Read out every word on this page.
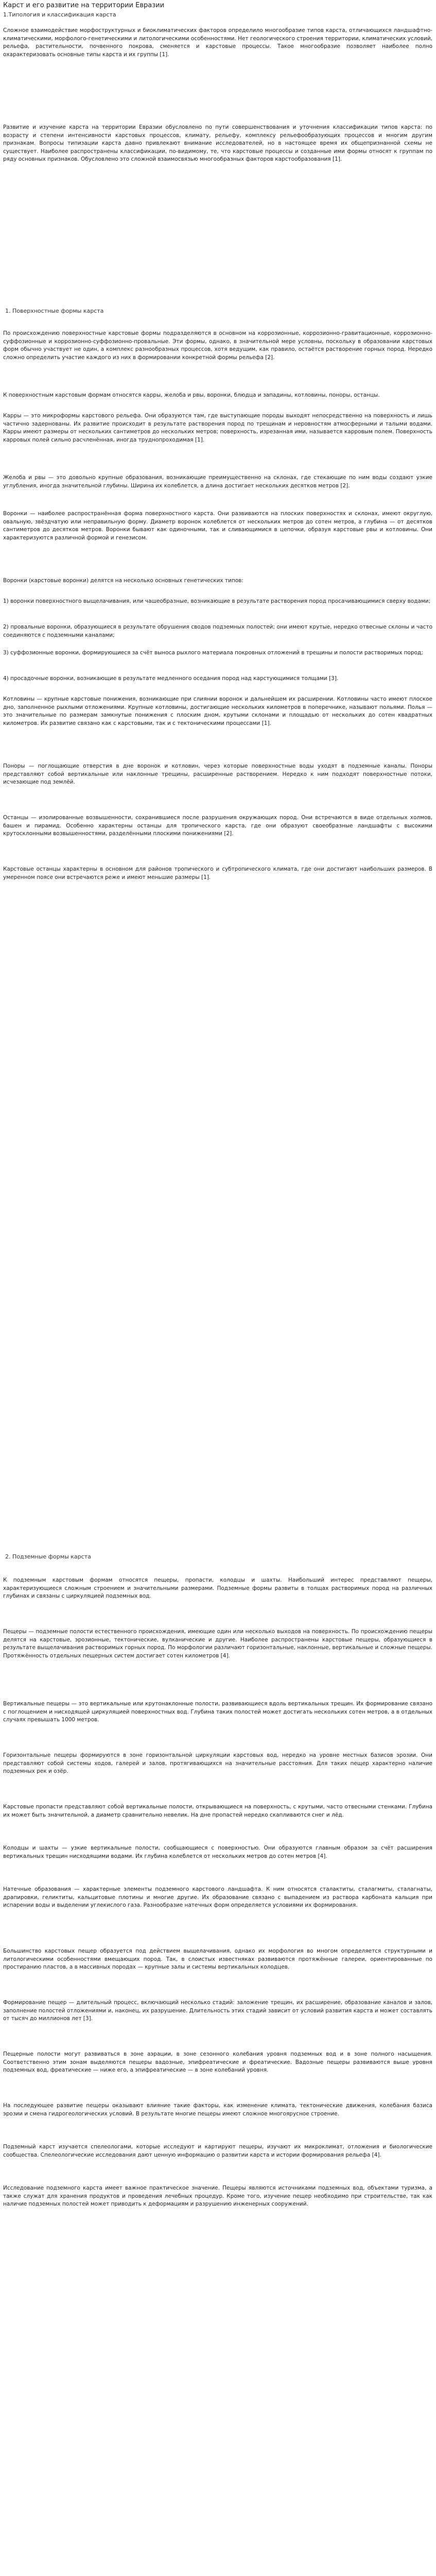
Карст и его развитие на территории Евразии
1.Типология и классификация карста
1. Поверхностные формы карста
2. Подземные формы карста

Сложное взаимодействие морфоструктурных и биоклиматических факторов определило многообразие типов карста, отличающихся ландшафтно-климатическими, морфолого-генетическими и литологическими особенностями. Нет геологического строения территории, климатических условий, рельефа, растительности, почвенного покрова, сменяется и карстовые процессы. Такое многообразие позволяет наиболее полно охарактеризовать основные типы карста и их группы [1].

Развитие и изучение карста на территории Евразии обусловлено по пути совершенствования и уточнения классификации типов карста: по возрасту и степени интенсивности карстовых процессов, климату, рельефу, комплексу рельефообразующих процессов и многим другим признакам. Вопросы типизации карста давно привлекают внимание исследователей, но в настоящее время их общепризнанной схемы не существует. Наиболее распространены классификации, по-видимому, те, что карстовые процессы и созданные ими формы относят к группам по ряду основных признаков. Обусловлено это сложной взаимосвязью многообразных факторов карстообразования [1].

По происхождению поверхностные карстовые формы подразделяются в основном на коррозионные, коррозионно-гравитационные, коррозионно-суффозионные и коррозионно-суффозионно-провальные. Эти формы, однако, в значительной мере условны, поскольку в образовании карстовых форм обычно участвует не один, а комплекс разнообразных процессов, хотя ведущим, как правило, остаётся растворение горных пород. Нередко сложно определить участие каждого из них в формировании конкретной формы рельефа [2].

К поверхностным карстовым формам относятся карры, желоба и рвы, воронки, блюдца и западины, котловины, поноры, останцы.

Карры — это микроформы карстового рельефа. Они образуются там, где выступающие породы выходят непосредственно на поверхность и лишь частично задернованы. Их развитие происходит в результате растворения пород по трещинам и неровностям атмосферными и талыми водами. Карры имеют размеры от нескольких сантиметров до нескольких метров; поверхность, изрезанная ими, называется карровым полем. Поверхность карровых полей сильно расчленённая, иногда труднопроходимая [1].

Желоба и рвы — это довольно крупные образования, возникающие преимущественно на склонах, где стекающие по ним воды создают узкие углубления, иногда значительной глубины. Ширина их колеблется, а длина достигает нескольких десятков метров [2].

Воронки — наиболее распространённая форма поверхностного карста. Они развиваются на плоских поверхностях и склонах, имеют округлую, овальную, звёздчатую или неправильную форму. Диаметр воронок колеблется от нескольких метров до сотен метров, а глубина — от десятков сантиметров до десятков метров. Воронки бывают как одиночными, так и сливающимися в цепочки, образуя карстовые рвы и котловины. Они характеризуются различной формой и генезисом.

Воронки (карстовые воронки) делятся на несколько основных генетических типов:

1) воронки поверхностного выщелачивания, или чашеобразные, возникающие в результате растворения пород просачивающимися сверху водами;

2) провальные воронки, образующиеся в результате обрушения сводов подземных полостей; они имеют крутые, нередко отвесные склоны и часто соединяются с подземными каналами;

3) суффозионные воронки, формирующиеся за счёт выноса рыхлого материала покровных отложений в трещины и полости растворимых пород;

4) просадочные воронки, возникающие в результате медленного оседания пород над карстующимися толщами [3].

Котловины — крупные карстовые понижения, возникающие при слиянии воронок и дальнейшем их расширении. Котловины часто имеют плоское дно, заполненное рыхлыми отложениями. Крупные котловины, достигающие нескольких километров в поперечнике, называют польями. Полья — это значительные по размерам замкнутые понижения с плоским дном, крутыми склонами и площадью от нескольких до сотен квадратных километров. Их развитие связано как с карстовыми, так и с тектоническими процессами [1].

Поноры — поглощающие отверстия в дне воронок и котловин, через которые поверхностные воды уходят в подземные каналы. Поноры представляют собой вертикальные или наклонные трещины, расширенные растворением. Нередко к ним подходят поверхностные потоки, исчезающие под землёй.

Останцы — изолированные возвышенности, сохранившиеся после разрушения окружающих пород. Они встречаются в виде отдельных холмов, башен и пирамид. Особенно характерны останцы для тропического карста, где они образуют своеобразные ландшафты с высокими крутосклонными возвышенностями, разделёнными плоскими понижениями [2].

Карстовые останцы характерны в основном для районов тропического и субтропического климата, где они достигают наибольших размеров. В умеренном поясе они встречаются реже и имеют меньшие размеры [1].

К подземным карстовым формам относятся пещеры, пропасти, колодцы и шахты. Наибольший интерес представляют пещеры, характеризующиеся сложным строением и значительными размерами. Подземные формы развиты в толщах растворимых пород на различных глубинах и связаны с циркуляцией подземных вод.

Пещеры — подземные полости естественного происхождения, имеющие один или несколько выходов на поверхность. По происхождению пещеры делятся на карстовые, эрозионные, тектонические, вулканические и другие. Наиболее распространены карстовые пещеры, образующиеся в результате выщелачивания растворимых горных пород. По морфологии различают горизонтальные, наклонные, вертикальные и сложные пещеры. Протяжённость отдельных пещерных систем достигает сотен километров [4].

Вертикальные пещеры — это вертикальные или крутонаклонные полости, развивающиеся вдоль вертикальных трещин. Их формирование связано с поглощением и нисходящей циркуляцией поверхностных вод. Глубина таких полостей может достигать нескольких сотен метров, а в отдельных случаях превышать 1000 метров.

Горизонтальные пещеры формируются в зоне горизонтальной циркуляции карстовых вод, нередко на уровне местных базисов эрозии. Они представляют собой системы ходов, галерей и залов, протягивающихся на значительные расстояния. Для таких пещер характерно наличие подземных рек и озёр.

Карстовые пропасти представляют собой вертикальные полости, открывающиеся на поверхность, с крутыми, часто отвесными стенками. Глубина их может быть значительной, а диаметр сравнительно невелик. На дне пропастей нередко скапливаются снег и лёд.

Колодцы и шахты — узкие вертикальные полости, сообщающиеся с поверхностью. Они образуются главным образом за счёт расширения вертикальных трещин нисходящими водами. Их глубина колеблется от нескольких метров до сотен метров [4].

Натечные образования — характерные элементы подземного карстового ландшафта. К ним относятся сталактиты, сталагмиты, сталагнаты, драпировки, геликтиты, кальцитовые плотины и многие другие. Их образование связано с выпадением из раствора карбоната кальция при испарении воды и выделении углекислого газа. Разнообразие натечных форм определяется условиями их формирования.

Большинство карстовых пещер образуется под действием выщелачивания, однако их морфология во многом определяется структурными и литологическими особенностями вмещающих пород. Так, в слоистых известняках развиваются протяжённые галереи, ориентированные по простиранию пластов, а в массивных породах — крупные залы и системы вертикальных колодцев.

Формирование пещер — длительный процесс, включающий несколько стадий: заложение трещин, их расширение, образование каналов и залов, заполнение полостей отложениями и, наконец, их разрушение. Длительность этих стадий зависит от условий развития карста и может составлять от тысяч до миллионов лет [3].

Пещерные полости могут развиваться в зоне аэрации, в зоне сезонного колебания уровня подземных вод и в зоне полного насыщения. Соответственно этим зонам выделяются пещеры вадозные, эпифреатические и фреатические. Вадозные пещеры развиваются выше уровня подземных вод, фреатические — ниже его, а эпифреатические — в зоне колебаний уровня.

На последующее развитие пещеры оказывают влияние такие факторы, как изменение климата, тектонические движения, колебания базиса эрозии и смена гидрогеологических условий. В результате многие пещеры имеют сложное многоярусное строение.

Подземный карст изучается спелеологами, которые исследуют и картируют пещеры, изучают их микроклимат, отложения и биологические сообщества. Спелеологические исследования дают ценную информацию о развитии карста и истории формирования рельефа [4].

Исследование подземного карста имеет важное практическое значение. Пещеры являются источниками подземных вод, объектами туризма, а также служат для хранения продуктов и проведения лечебных процедур. Кроме того, изучение пещер необходимо при строительстве, так как наличие подземных полостей может приводить к деформациям и разрушению инженерных сооружений.
